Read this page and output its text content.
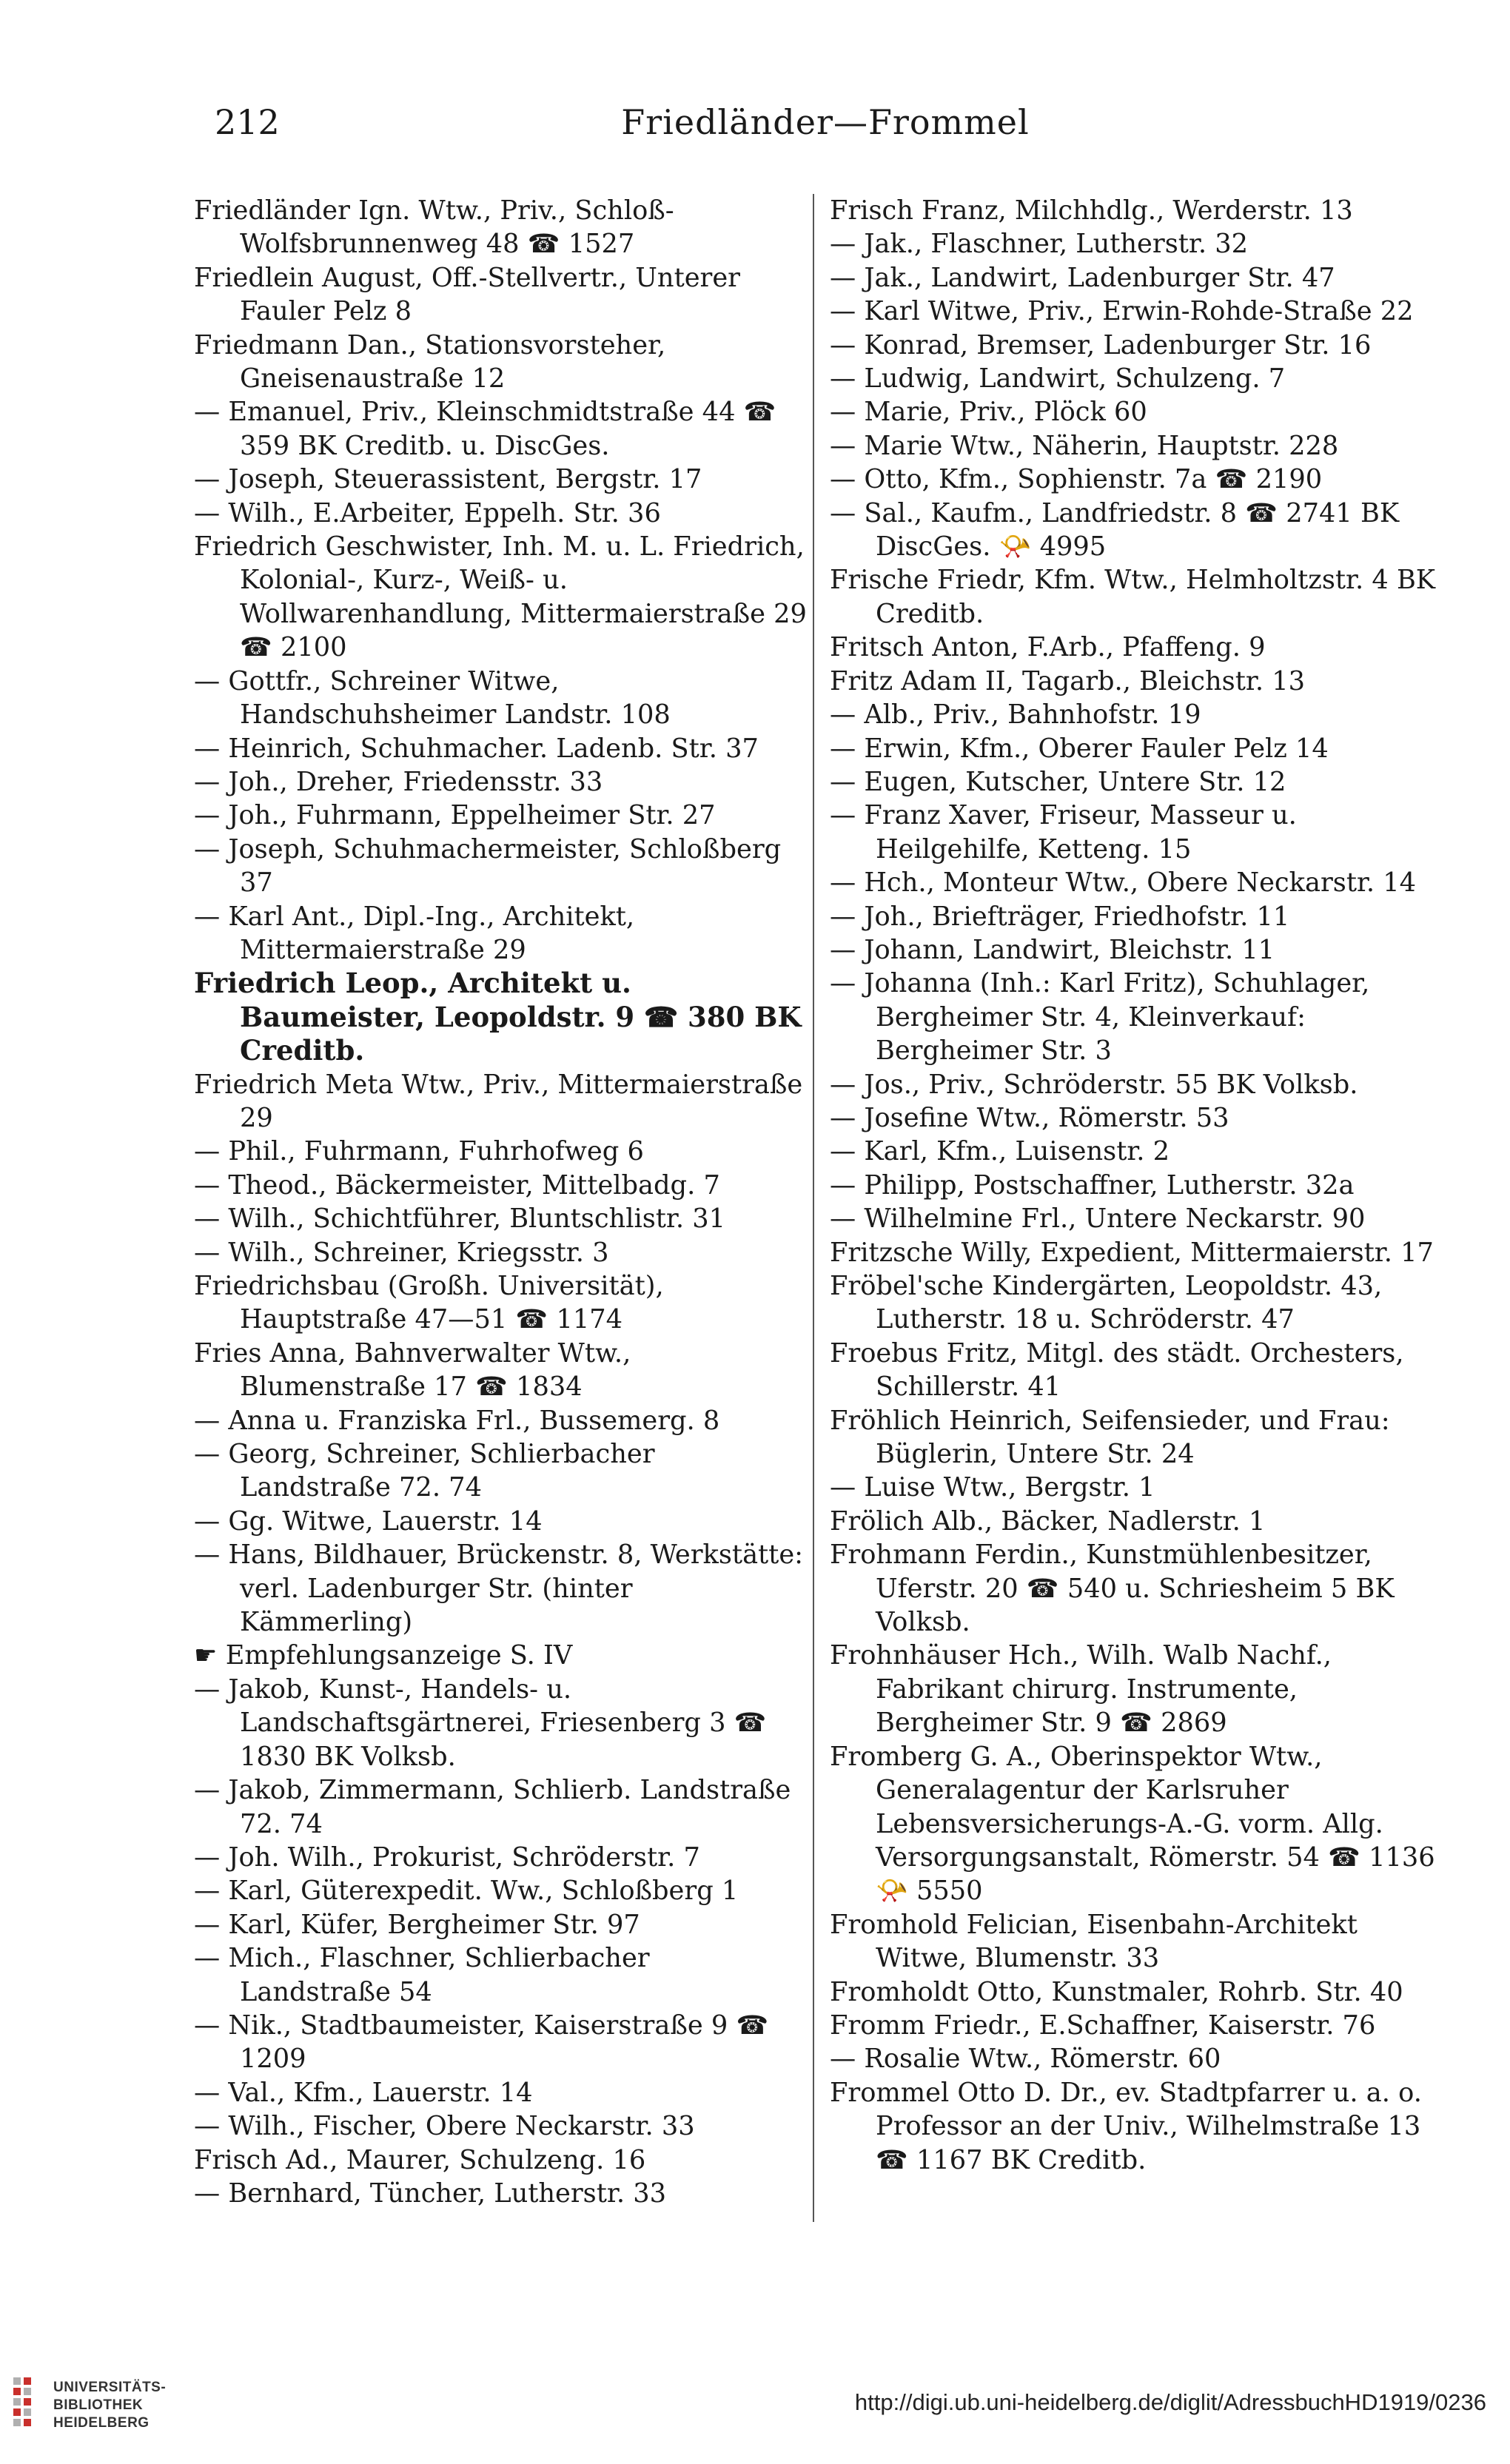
212	Friedländer—Frommel
Friedländer Ign. Wtw., Priv., Schloß-Wolfsbrunnenweg 48 ☎ 1527
Friedlein August, Off.-Stellvertr., Unterer Fauler Pelz 8
Friedmann Dan., Stationsvorsteher, Gneisenaustraße 12
— Emanuel, Priv., Kleinschmidtstraße 44 ☎ 359 BK Creditb. u. DiscGes.
— Joseph, Steuerassistent, Bergstr. 17
— Wilh., E.Arbeiter, Eppelh. Str. 36
Friedrich Geschwister, Inh. M. u. L. Friedrich, Kolonial-, Kurz-, Weiß- u. Wollwarenhandlung, Mittermaierstraße 29 ☎ 2100
— Gottfr., Schreiner Witwe, Handschuhsheimer Landstr. 108
— Heinrich, Schuhmacher. Ladenb. Str. 37
— Joh., Dreher, Friedensstr. 33
— Joh., Fuhrmann, Eppelheimer Str. 27
— Joseph, Schuhmachermeister, Schloßberg 37
— Karl Ant., Dipl.-Ing., Architekt, Mittermaierstraße 29
Friedrich Leop., Architekt u. Baumeister, Leopoldstr. 9 ☎ 380 BK Creditb.
Friedrich Meta Wtw., Priv., Mittermaierstraße 29
— Phil., Fuhrmann, Fuhrhofweg 6
— Theod., Bäckermeister, Mittelbadg. 7
— Wilh., Schichtführer, Bluntschlistr. 31
— Wilh., Schreiner, Kriegsstr. 3
Friedrichsbau (Großh. Universität), Hauptstraße 47—51 ☎ 1174
Fries Anna, Bahnverwalter Wtw., Blumenstraße 17 ☎ 1834
— Anna u. Franziska Frl., Bussemerg. 8
— Georg, Schreiner, Schlierbacher Landstraße 72. 74
— Gg. Witwe, Lauerstr. 14
— Hans, Bildhauer, Brückenstr. 8, Werkstätte: verl. Ladenburger Str. (hinter Kämmerling)
☛ Empfehlungsanzeige S. IV
— Jakob, Kunst-, Handels- u. Landschaftsgärtnerei, Friesenberg 3 ☎ 1830 BK Volksb.
— Jakob, Zimmermann, Schlierb. Landstraße 72. 74
— Joh. Wilh., Prokurist, Schröderstr. 7
— Karl, Güterexpedit. Ww., Schloßberg 1
— Karl, Küfer, Bergheimer Str. 97
— Mich., Flaschner, Schlierbacher Landstraße 54
— Nik., Stadtbaumeister, Kaiserstraße 9 ☎ 1209
— Val., Kfm., Lauerstr. 14
— Wilh., Fischer, Obere Neckarstr. 33
Frisch Ad., Maurer, Schulzeng. 16
— Bernhard, Tüncher, Lutherstr. 33
Frisch Franz, Milchhdlg., Werderstr. 13
— Jak., Flaschner, Lutherstr. 32
— Jak., Landwirt, Ladenburger Str. 47
— Karl Witwe, Priv., Erwin-Rohde-Straße 22
— Konrad, Bremser, Ladenburger Str. 16
— Ludwig, Landwirt, Schulzeng. 7
— Marie, Priv., Plöck 60
— Marie Wtw., Näherin, Hauptstr. 228
— Otto, Kfm., Sophienstr. 7a ☎ 2190
— Sal., Kaufm., Landfriedstr. 8 ☎ 2741 BK DiscGes. 📯 4995
Frische Friedr, Kfm. Wtw., Helmholtzstr. 4 BK Creditb.
Fritsch Anton, F.Arb., Pfaffeng. 9
Fritz Adam II, Tagarb., Bleichstr. 13
— Alb., Priv., Bahnhofstr. 19
— Erwin, Kfm., Oberer Fauler Pelz 14
— Eugen, Kutscher, Untere Str. 12
— Franz Xaver, Friseur, Masseur u. Heilgehilfe, Ketteng. 15
— Hch., Monteur Wtw., Obere Neckarstr. 14
— Joh., Briefträger, Friedhofstr. 11
— Johann, Landwirt, Bleichstr. 11
— Johanna (Inh.: Karl Fritz), Schuhlager, Bergheimer Str. 4, Kleinverkauf: Bergheimer Str. 3
— Jos., Priv., Schröderstr. 55 BK Volksb.
— Josefine Wtw., Römerstr. 53
— Karl, Kfm., Luisenstr. 2
— Philipp, Postschaffner, Lutherstr. 32a
— Wilhelmine Frl., Untere Neckarstr. 90
Fritzsche Willy, Expedient, Mittermaierstr. 17
Fröbel'sche Kindergärten, Leopoldstr. 43, Lutherstr. 18 u. Schröderstr. 47
Froebus Fritz, Mitgl. des städt. Orchesters, Schillerstr. 41
Fröhlich Heinrich, Seifensieder, und Frau: Büglerin, Untere Str. 24
— Luise Wtw., Bergstr. 1
Frölich Alb., Bäcker, Nadlerstr. 1
Frohmann Ferdin., Kunstmühlenbesitzer, Uferstr. 20 ☎ 540 u. Schriesheim 5 BK Volksb.
Frohnhäuser Hch., Wilh. Walb Nachf., Fabrikant chirurg. Instrumente, Bergheimer Str. 9 ☎ 2869
Fromberg G. A., Oberinspektor Wtw., Generalagentur der Karlsruher Lebensversicherungs-A.-G. vorm. Allg. Versorgungsanstalt, Römerstr. 54 ☎ 1136 📯 5550
Fromhold Felician, Eisenbahn-Architekt Witwe, Blumenstr. 33
Fromholdt Otto, Kunstmaler, Rohrb. Str. 40
Fromm Friedr., E.Schaffner, Kaiserstr. 76
— Rosalie Wtw., Römerstr. 60
Frommel Otto D. Dr., ev. Stadtpfarrer u. a. o. Professor an der Univ., Wilhelmstraße 13 ☎ 1167 BK Creditb.
UNIVERSITÄTS-
BIBLIOTHEK
HEIDELBERG
http://digi.ub.uni-heidelberg.de/diglit/AdressbuchHD1919/0236
